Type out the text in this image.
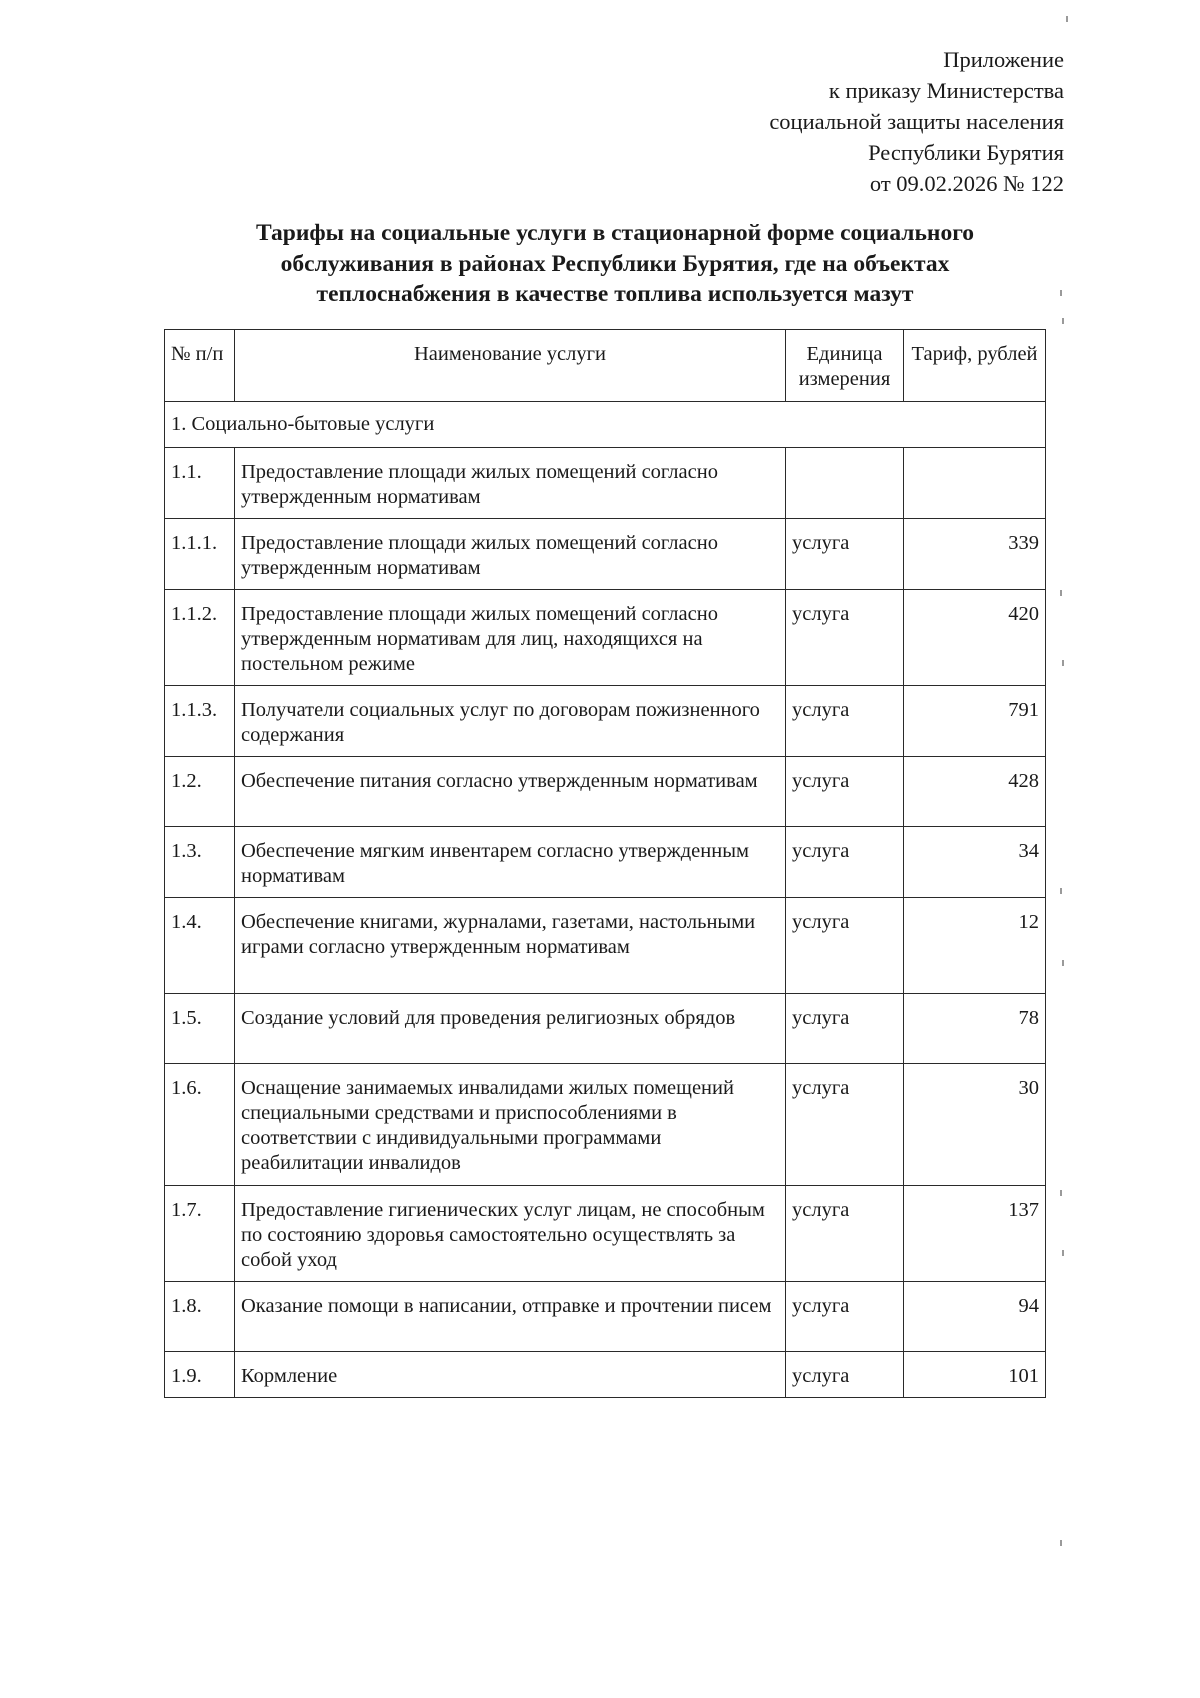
Приложение
к приказу Министерства
социальной защиты населения
Республики Бурятия
от 09.02.2026 № 122
Тарифы на социальные услуги в стационарной форме социального
обслуживания в районах Республики Бурятия, где на объектах
теплоснабжения в качестве топлива используется мазут
№ п/п	Наименование услуги	Единица измерения	Тариф, рублей
1. Социально-бытовые услуги			
1.1.	Предоставление площади жилых помещений согласно утвержденным нормативам		
1.1.1.	Предоставление площади жилых помещений согласно утвержденным нормативам	услуга	339
1.1.2.	Предоставление площади жилых помещений согласно утвержденным нормативам для лиц, находящихся на постельном режиме	услуга	420
1.1.3.	Получатели социальных услуг по договорам пожизненного содержания	услуга	791
1.2.	Обеспечение питания согласно утвержденным нормативам	услуга	428
1.3.	Обеспечение мягким инвентарем согласно утвержденным нормативам	услуга	34
1.4.	Обеспечение книгами, журналами, газетами, настольными играми согласно утвержденным нормативам	услуга	12
1.5.	Создание условий для проведения религиозных обрядов	услуга	78
1.6.	Оснащение занимаемых инвалидами жилых помещений специальными средствами и приспособлениями в соответствии с индивидуальными программами реабилитации инвалидов	услуга	30
1.7.	Предоставление гигиенических услуг лицам, не способным по состоянию здоровья самостоятельно осуществлять за собой уход	услуга	137
1.8.	Оказание помощи в написании, отправке и прочтении писем	услуга	94
1.9.	Кормление	услуга	101
